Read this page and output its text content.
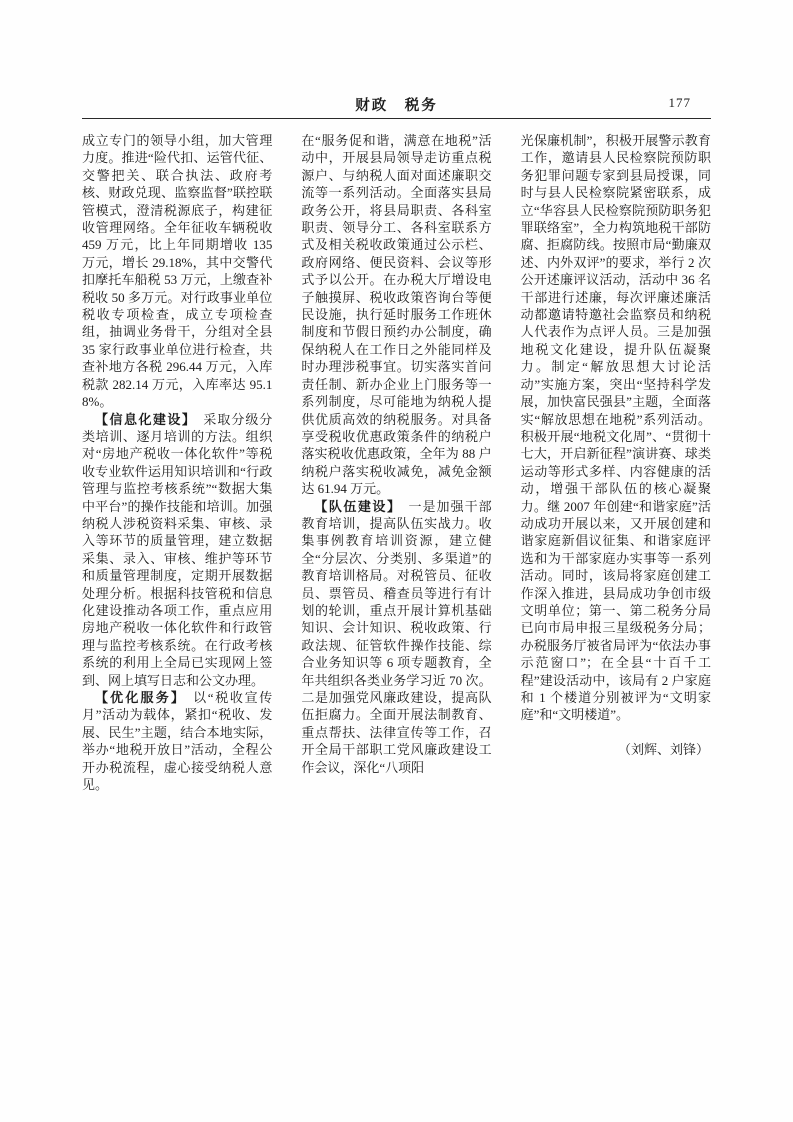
财政　税务	177

成立专门的领导小组，加大管理力度。推进“险代扣、运管代征、交警把关、联合执法、政府考核、财政兑现、监察监督”联控联管模式，澄清税源底子，构建征收管理网络。全年征收车辆税收 459 万元，比上年同期增收 135 万元，增长 29.18%，其中交警代扣摩托车船税 53 万元，上缴查补税收 50 多万元。对行政事业单位税收专项检查，成立专项检查组，抽调业务骨干，分组对全县 35 家行政事业单位进行检查，共查补地方各税 296.44 万元，入库税款 282.14 万元，入库率达 95.18%。

【信息化建设】 采取分级分类培训、逐月培训的方法。组织对“房地产税收一体化软件”等税收专业软件运用知识培训和“行政管理与监控考核系统”“数据大集中平台”的操作技能和培训。加强纳税人涉税资料采集、审核、录入等环节的质量管理，建立数据采集、录入、审核、维护等环节和质量管理制度，定期开展数据处理分析。根据科技管税和信息化建设推动各项工作，重点应用房地产税收一体化软件和行政管理与监控考核系统。在行政考核系统的利用上全局已实现网上签到、网上填写日志和公文办理。

【优化服务】 以“税收宣传月”活动为载体，紧扣“税收、发展、民生”主题，结合本地实际，举办“地税开放日”活动，全程公开办税流程，虚心接受纳税人意见。

在“服务促和谐，满意在地税”活动中，开展县局领导走访重点税源户、与纳税人面对面述廉职交流等一系列活动。全面落实县局政务公开，将县局职责、各科室职责、领导分工、各科室联系方式及相关税收政策通过公示栏、政府网络、便民资料、会议等形式予以公开。在办税大厅增设电子触摸屏、税收政策咨询台等便民设施，执行延时服务工作班休制度和节假日预约办公制度，确保纳税人在工作日之外能同样及时办理涉税事宜。切实落实首问责任制、新办企业上门服务等一系列制度，尽可能地为纳税人提供优质高效的纳税服务。对具备享受税收优惠政策条件的纳税户落实税收优惠政策，全年为 88 户纳税户落实税收减免，减免金额达 61.94 万元。

【队伍建设】 一是加强干部教育培训，提高队伍实战力。收集事例教育培训资源，建立健全“分层次、分类别、多渠道”的教育培训格局。对税管员、征收员、票管员、稽查员等进行有计划的轮训，重点开展计算机基础知识、会计知识、税收政策、行政法规、征管软件操作技能、综合业务知识等 6 项专题教育，全年共组织各类业务学习近 70 次。二是加强党风廉政建设，提高队伍拒腐力。全面开展法制教育、重点帮扶、法律宣传等工作，召开全局干部职工党风廉政建设工作会议，深化“八项阳

光保廉机制”，积极开展警示教育工作，邀请县人民检察院预防职务犯罪问题专家到县局授课，同时与县人民检察院紧密联系，成立“华容县人民检察院预防职务犯罪联络室”，全力构筑地税干部防腐、拒腐防线。按照市局“勤廉双述、内外双评”的要求，举行 2 次公开述廉评议活动，活动中 36 名干部进行述廉，每次评廉述廉活动都邀请特邀社会监察员和纳税人代表作为点评人员。三是加强地税文化建设，提升队伍凝聚力。制定“解放思想大讨论活动”实施方案，突出“坚持科学发展，加快富民强县”主题，全面落实“解放思想在地税”系列活动。积极开展“地税文化周”、“贯彻十七大，开启新征程”演讲赛、球类运动等形式多样、内容健康的活动，增强干部队伍的核心凝聚力。继 2007 年创建“和谐家庭”活动成功开展以来，又开展创建和谐家庭新倡议征集、和谐家庭评选和为干部家庭办实事等一系列活动。同时，该局将家庭创建工作深入推进，县局成功争创市级文明单位；第一、第二税务分局已向市局申报三星级税务分局；办税服务厅被省局评为“依法办事示范窗口”；在全县“十百千工程”建设活动中，该局有 2 户家庭和 1 个楼道分别被评为“文明家庭”和“文明楼道”。

（刘辉、刘锋）
